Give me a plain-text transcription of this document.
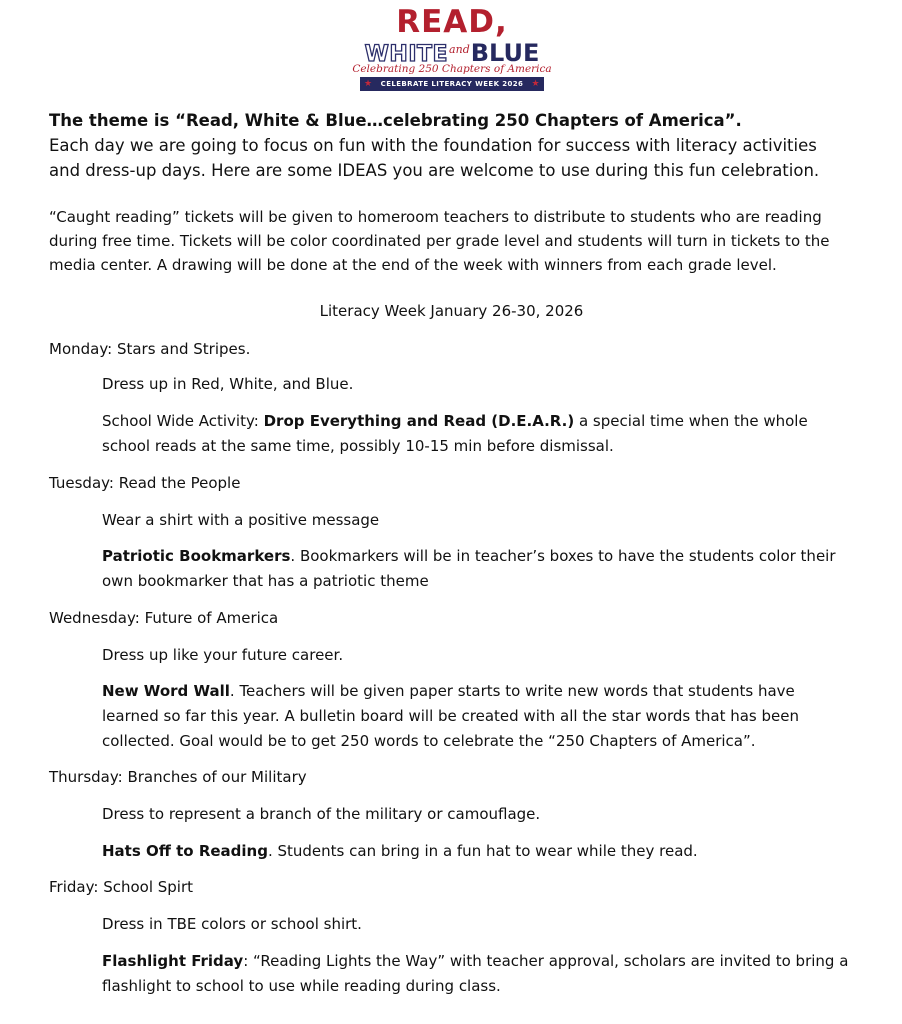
READ,
$WHITE^{and}BLUE$
Celebrating 250 Chapters of America
★ CELEBRATE LITERACY WEEK 2026 ★
The theme is “Read, White & Blue…celebrating 250 Chapters of America”.
Each day we are going to focus on fun with the foundation for success with literacy activities
and dress-up days. Here are some IDEAS you are welcome to use during this fun celebration.
“Caught reading” tickets will be given to homeroom teachers to distribute to students who are reading
during free time. Tickets will be color coordinated per grade level and students will turn in tickets to the
media center. A drawing will be done at the end of the week with winners from each grade level.
Literacy Week January 26-30, 2026
Monday: Stars and Stripes.
Dress up in Red, White, and Blue.
School Wide Activity: Drop Everything and Read (D.E.A.R.) a special time when the whole
school reads at the same time, possibly 10-15 min before dismissal.
Tuesday: Read the People
Wear a shirt with a positive message
Patriotic Bookmarkers. Bookmarkers will be in teacher’s boxes to have the students color their
own bookmarker that has a patriotic theme
Wednesday: Future of America
Dress up like your future career.
New Word Wall. Teachers will be given paper starts to write new words that students have
learned so far this year. A bulletin board will be created with all the star words that has been
collected. Goal would be to get 250 words to celebrate the “250 Chapters of America”.
Thursday: Branches of our Military
Dress to represent a branch of the military or camouflage.
Hats Off to Reading. Students can bring in a fun hat to wear while they read.
Friday: School Spirt
Dress in TBE colors or school shirt.
Flashlight Friday: “Reading Lights the Way” with teacher approval, scholars are invited to bring a
flashlight to school to use while reading during class.
